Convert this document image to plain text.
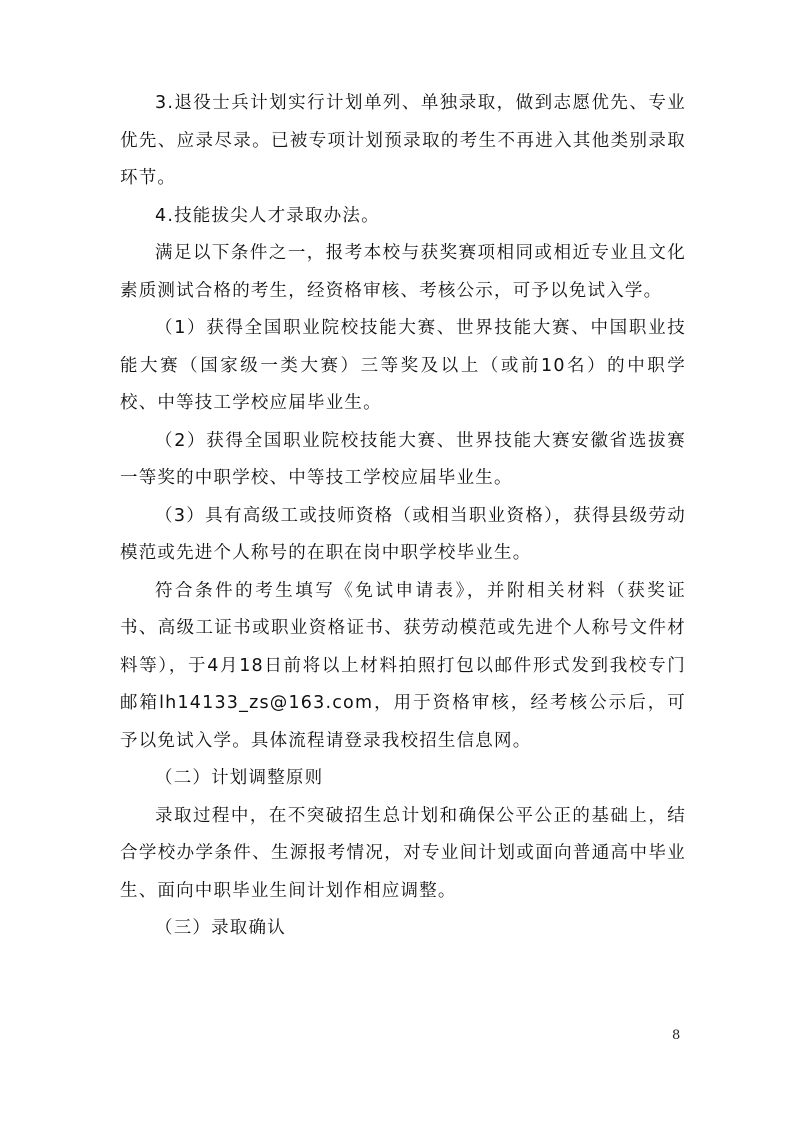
3.退役士兵计划实行计划单列、单独录取，做到志愿优先、专业优先、应录尽录。已被专项计划预录取的考生不再进入其他类别录取环节。

4.技能拔尖人才录取办法。

满足以下条件之一，报考本校与获奖赛项相同或相近专业且文化素质测试合格的考生，经资格审核、考核公示，可予以免试入学。

（1）获得全国职业院校技能大赛、世界技能大赛、中国职业技能大赛（国家级一类大赛）三等奖及以上（或前10名）的中职学校、中等技工学校应届毕业生。

（2）获得全国职业院校技能大赛、世界技能大赛安徽省选拔赛一等奖的中职学校、中等技工学校应届毕业生。

（3）具有高级工或技师资格（或相当职业资格），获得县级劳动模范或先进个人称号的在职在岗中职学校毕业生。

符合条件的考生填写《免试申请表》，并附相关材料（获奖证书、高级工证书或职业资格证书、获劳动模范或先进个人称号文件材料等），于4月18日前将以上材料拍照打包以邮件形式发到我校专门邮箱lh14133_zs@163.com，用于资格审核，经考核公示后，可予以免试入学。具体流程请登录我校招生信息网。

（二）计划调整原则

录取过程中，在不突破招生总计划和确保公平公正的基础上，结合学校办学条件、生源报考情况，对专业间计划或面向普通高中毕业生、面向中职毕业生间计划作相应调整。

（三）录取确认

8
